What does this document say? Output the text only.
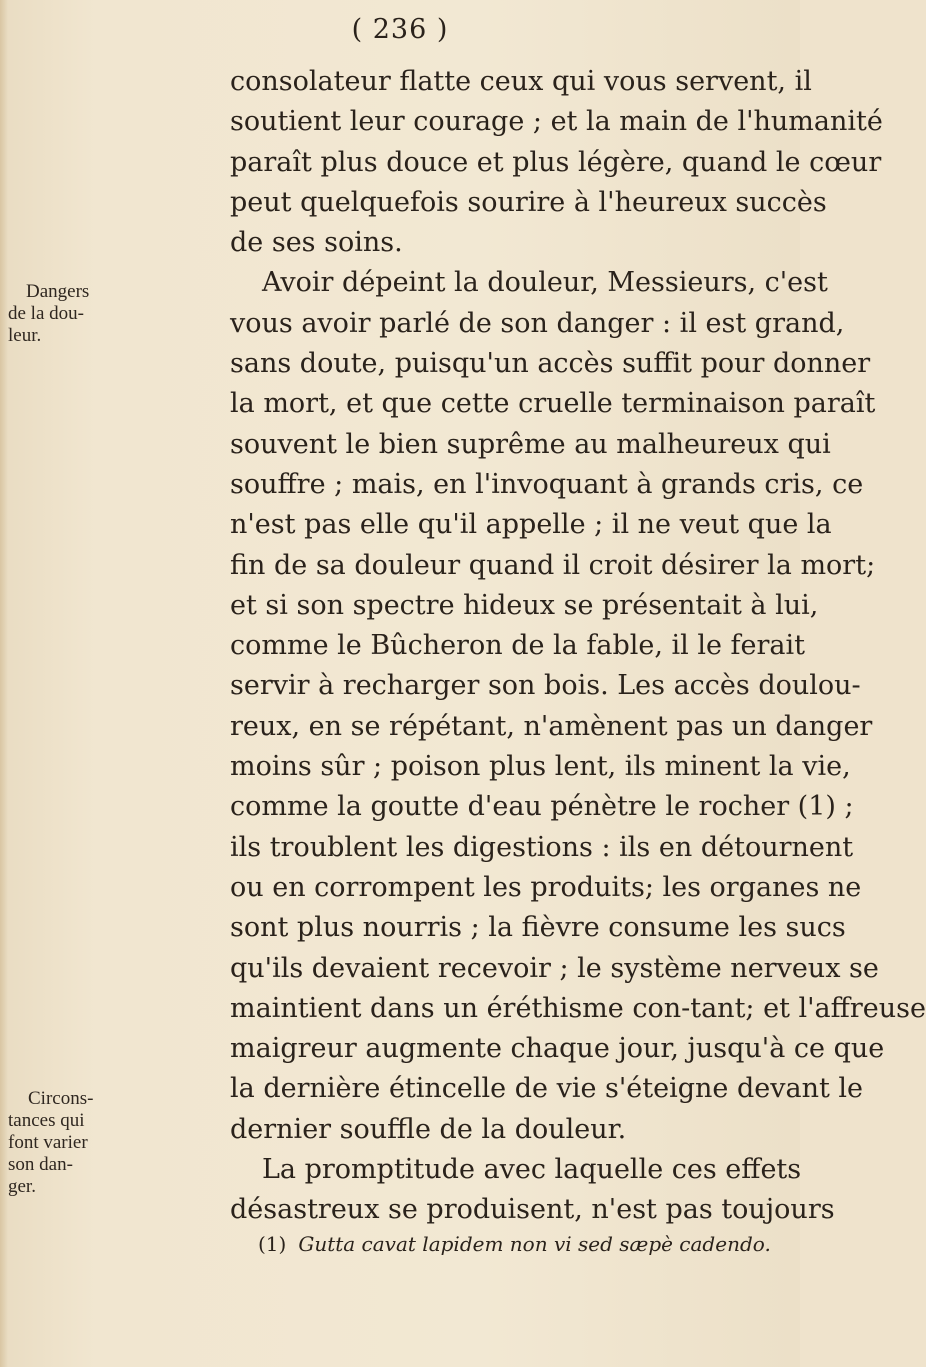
( 236 )
consolateur flatte ceux qui vous servent, il
soutient leur courage ; et la main de l'humanité
paraît plus douce et plus légère, quand le cœur
peut quelquefois sourire à l'heureux succès
de ses soins.
Avoir dépeint la douleur, Messieurs, c'est
vous avoir parlé de son danger : il est grand,
sans doute, puisqu'un accès suffit pour donner
la mort, et que cette cruelle terminaison paraît
souvent le bien suprême au malheureux qui
souffre ; mais, en l'invoquant à grands cris, ce
n'est pas elle qu'il appelle ; il ne veut que la
fin de sa douleur quand il croit désirer la mort;
et si son spectre hideux se présentait à lui,
comme le Bûcheron de la fable, il le ferait
servir à recharger son bois. Les accès doulou-
reux, en se répétant, n'amènent pas un danger
moins sûr ; poison plus lent, ils minent la vie,
comme la goutte d'eau pénètre le rocher (1) ;
ils troublent les digestions : ils en détournent
ou en corrompent les produits; les organes ne
sont plus nourris ; la fièvre consume les sucs
qu'ils devaient recevoir ; le système nerveux se
maintient dans un éréthisme con-tant; et l'affreuse
maigreur augmente chaque jour, jusqu'à ce que
la dernière étincelle de vie s'éteigne devant le
dernier souffle de la douleur.
La promptitude avec laquelle ces effets
désastreux se produisent, n'est pas toujours
Dangers
de la dou-
leur.
Circons-
tances qui
font varier
son dan-
ger.
(1) Gutta cavat lapidem non vi sed sæpè cadendo.
